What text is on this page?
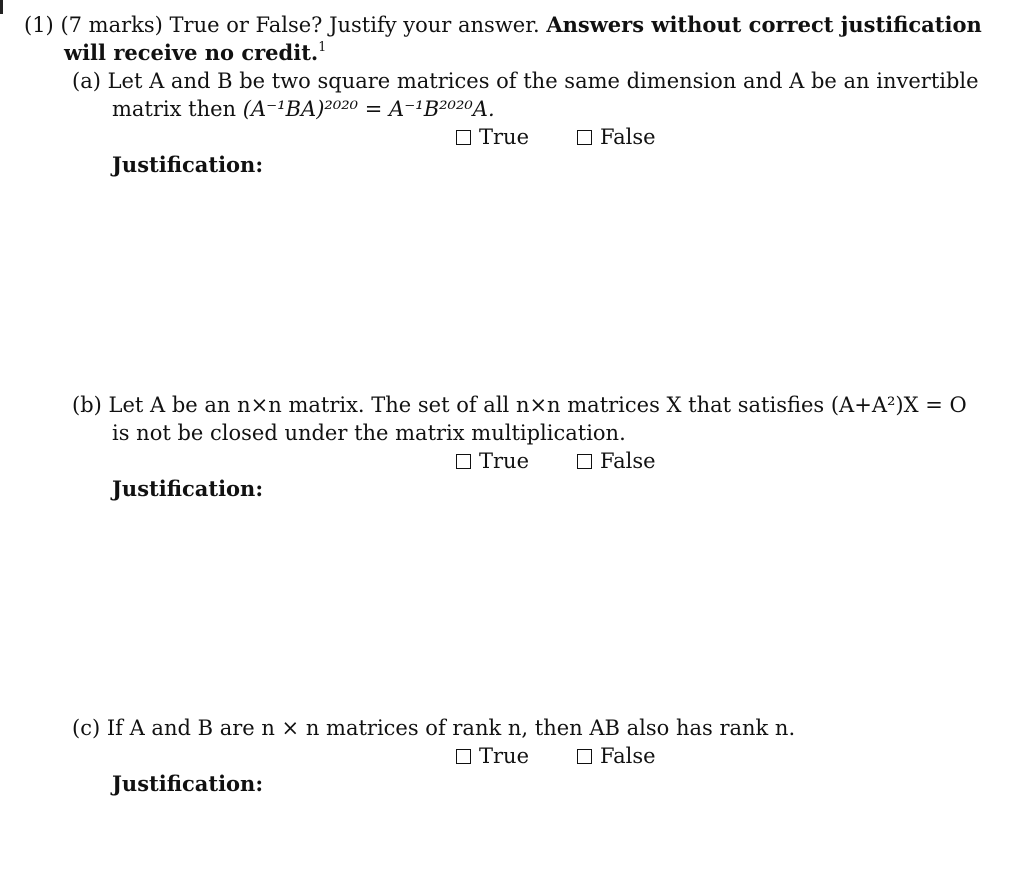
(1) (7 marks) True or False? Justify your answer. Answers without correct justification
will receive no credit.$^1$
(a) Let A and B be two square matrices of the same dimension and A be an invertible
matrix then (A⁻¹BA)²⁰²⁰ = A⁻¹B²⁰²⁰A.
True	False
Justification:
(b) Let A be an n×n matrix. The set of all n×n matrices X that satisfies (A+A²)X = O
is not be closed under the matrix multiplication.
True	False
Justification:
(c) If A and B are n × n matrices of rank n, then AB also has rank n.
True	False
Justification:
